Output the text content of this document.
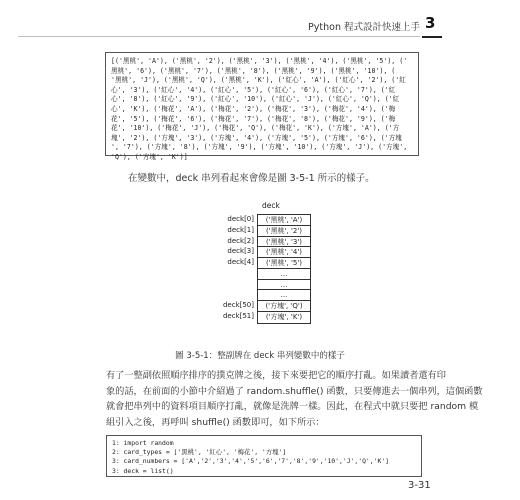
Python 程式設計快速上手 3
[('黑桃', 'A'), ('黑桃', '2'), ('黑桃', '3'), ('黑桃', '4'), ('黑桃', '5'), ('
黑桃', '6'), ('黑桃', '7'), ('黑桃', '8'), ('黑桃', '9'), ('黑桃', '10'), (
'黑桃', 'J'), ('黑桃', 'Q'), ('黑桃', 'K'), ('紅心', 'A'), ('紅心', '2'), ('紅
心', '3'), ('紅心', '4'), ('紅心', '5'), ('紅心', '6'), ('紅心', '7'), ('紅
心', '8'), ('紅心', '9'), ('紅心', '10'), ('紅心', 'J'), ('紅心', 'Q'), ('紅
心', 'K'), ('梅花', 'A'), ('梅花', '2'), ('梅花', '3'), ('梅花', '4'), ('梅
花', '5'), ('梅花', '6'), ('梅花', '7'), ('梅花', '8'), ('梅花', '9'), ('梅
花', '10'), ('梅花', 'J'), ('梅花', 'Q'), ('梅花', 'K'), ('方塊', 'A'), ('方
塊', '2'), ('方塊', '3'), ('方塊', '4'), ('方塊', '5'), ('方塊', '6'), ('方塊
', '7'), ('方塊', '8'), ('方塊', '9'), ('方塊', '10'), ('方塊', 'J'), ('方塊',
'Q'), ('方塊', 'K')]
在變數中，deck 串列看起來會像是圖 3-5-1 所示的樣子。
deck
deck[0]
deck[1]
deck[2]
deck[3]
deck[4]

deck[50]
deck[51]
('黑桃', 'A')
('黑桃', '2')
('黑桃', '3')
('黑桃', '4')
('黑桃', '5')
...
...
...
('方塊', 'Q')
('方塊', 'K')
圖 3-5-1：整副牌在 deck 串列變數中的樣子
有了一整副依照順序排序的撲克牌之後，接下來要把它的順序打亂。如果讀者還有印
象的話，在前面的小節中介紹過了 random.shuffle() 函數，只要傳進去一個串列，這個函數
就會把串列中的資料項目順序打亂，就像是洗牌一樣。因此，在程式中就只要把 random 模
組引入之後，再呼叫 shuffle() 函數即可，如下所示：
1: import random
2: card_types = ['黑桃', '紅心', '梅花', '方塊']
3: card_numbers = ['A','2','3','4','5','6','7','8','9','10','J','Q','K']
3: deck = list()
3-31
